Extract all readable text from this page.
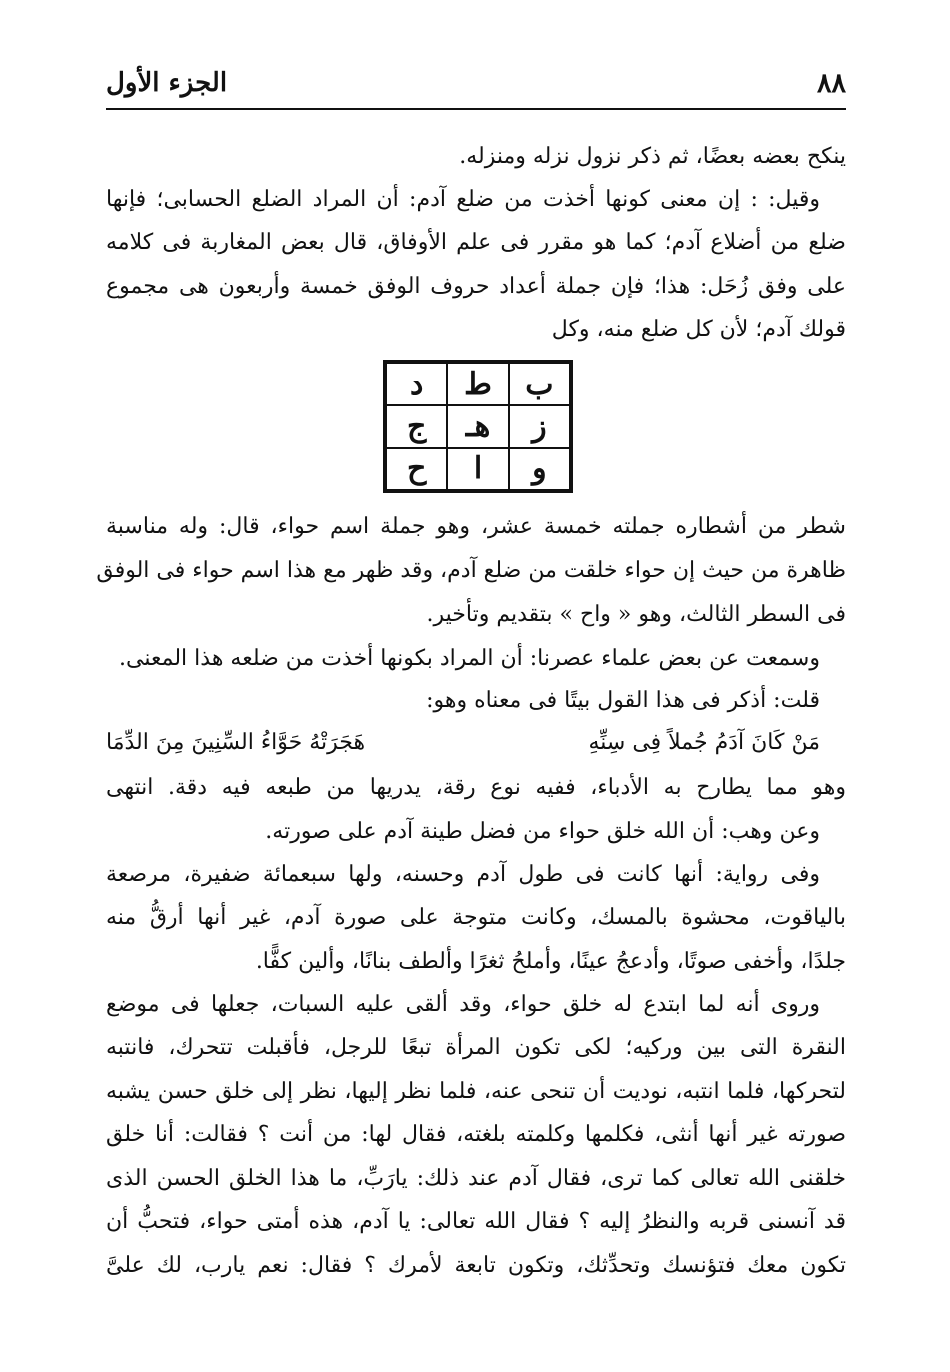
٨٨
الجزء الأول
ينكح بعضه بعضًا، ثم ذكر نزول نزله ومنزله.
وقيل: : إن معنى كونها أخذت من ضلع آدم: أن المراد الضلع الحسابى؛ فإنها
ضلع من أضلاع آدم؛ كما هو مقرر فى علم الأوفاق، قال بعض المغاربة فى كلامه
على وفق زُحَل: هذا؛ فإن جملة أعداد حروف الوفق خمسة وأربعون هى مجموع
قولك آدم؛ لأن كل ضلع منه، وكل
ب
ط
د
ز
هـ
ج
و
ا
ح
شطر من أشطاره جملته خمسة عشر، وهو جملة اسم حواء، قال: وله مناسبة
ظاهرة من حيث إن حواء خلقت من ضلع آدم، وقد ظهر مع هذا اسم حواء فى الوفق
فى السطر الثالث، وهو « واح » بتقديم وتأخير.
وسمعت عن بعض علماء عصرنا: أن المراد بكونها أخذت من ضلعه هذا المعنى.
قلت: أذكر فى هذا القول بيتًا فى معناه وهو:
مَنْ كَانَ آدَمُ جُملاً فِى سِنِّهِ
هَجَرَتْهُ حَوَّاءُ السِّنِينَ مِنَ الدِّمَا
وهو مما يطارح به الأدباء، ففيه نوع رقة، يدريها من طبعه فيه دقة. انتهى
وعن وهب: أن الله خلق حواء من فضل طينة آدم على صورته.
وفى رواية: أنها كانت فى طول آدم وحسنه، ولها سبعمائة ضفيرة، مرصعة
بالياقوت، محشوة بالمسك، وكانت متوجة على صورة آدم، غير أنها أرقُّ منه
جلدًا، وأخفى صوتًا، وأدعجُ عينًا، وأملحُ ثغرًا وألطف بنانًا، وألين كفًّا.
وروى أنه لما ابتدع له خلق حواء، وقد ألقى عليه السبات، جعلها فى موضع
النقرة التى بين وركيه؛ لكى تكون المرأة تبعًا للرجل، فأقبلت تتحرك، فانتبه
لتحركها، فلما انتبه، نوديت أن تنحى عنه، فلما نظر إليها، نظر إلى خلق حسن يشبه
صورته غير أنها أنثى، فكلمها وكلمته بلغته، فقال لها: من أنت ؟ فقالت: أنا خلق
خلقنى الله تعالى كما ترى، فقال آدم عند ذلك: يارَبِّ، ما هذا الخلق الحسن الذى
قد آنسنى قربه والنظرُ إليه ؟ فقال الله تعالى: يا آدم، هذه أمتى حواء، فتحبُّ أن
تكون معك فتؤنسك وتحدِّثك، وتكون تابعة لأمرك ؟ فقال: نعم يارب، لك علىَّ
